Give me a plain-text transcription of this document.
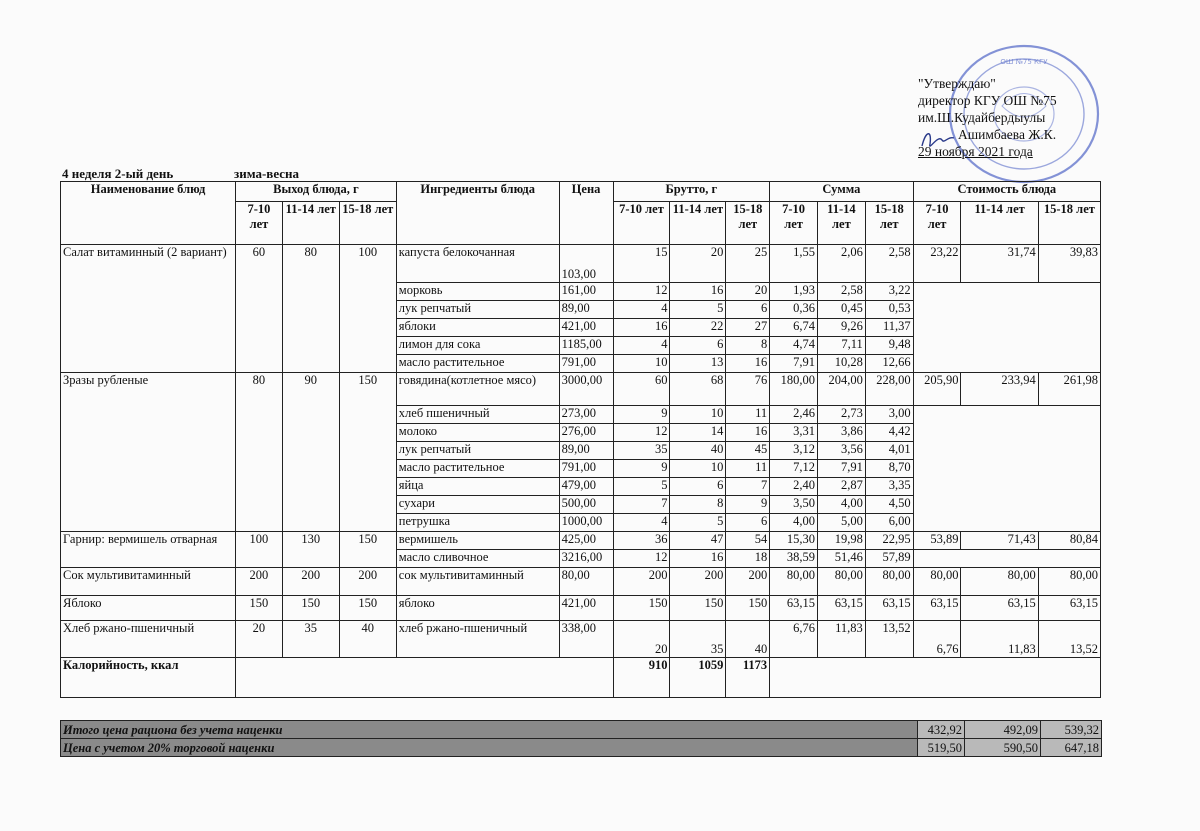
ОШ №75 КГУ
"Утверждаю"
директор КГУ ОШ №75
им.Ш.Кудайбердыулы
Ашимбаева Ж.К.
29 ноября 2021 года
4 неделя 2-ый день	зима-весна
Наименование блюд	Выход блюда, г			Ингредиенты блюда	Цена	Брутто, г			Сумма			Стоимость блюда		
	7-10 лет	11-14 лет	15-18 лет			7-10 лет	11-14 лет	15-18 лет	7-10 лет	11-14 лет	15-18 лет	7-10 лет	11-14 лет	15-18 лет
Салат витаминный (2 вариант)	60	80	100	капуста белокочанная	103,00	15	20	25	1,55	2,06	2,58	23,22	31,74	39,83
				морковь	161,00	12	16	20	1,93	2,58	3,22			
				лук репчатый	89,00	4	5	6	0,36	0,45	0,53			
				яблоки	421,00	16	22	27	6,74	9,26	11,37			
				лимон для сока	1185,00	4	6	8	4,74	7,11	9,48			
				масло растительное	791,00	10	13	16	7,91	10,28	12,66			
Зразы рубленые	80	90	150	говядина(котлетное мясо)	3000,00	60	68	76	180,00	204,00	228,00	205,90	233,94	261,98
				хлеб пшеничный	273,00	9	10	11	2,46	2,73	3,00			
				молоко	276,00	12	14	16	3,31	3,86	4,42			
				лук репчатый	89,00	35	40	45	3,12	3,56	4,01			
				масло растительное	791,00	9	10	11	7,12	7,91	8,70			
				яйца	479,00	5	6	7	2,40	2,87	3,35			
				сухари	500,00	7	8	9	3,50	4,00	4,50			
				петрушка	1000,00	4	5	6	4,00	5,00	6,00			
Гарнир: вермишель отварная	100	130	150	вермишель	425,00	36	47	54	15,30	19,98	22,95	53,89	71,43	80,84
				масло сливочное	3216,00	12	16	18	38,59	51,46	57,89			
Сок мультивитаминный	200	200	200	сок мультивитаминный	80,00	200	200	200	80,00	80,00	80,00	80,00	80,00	80,00
Яблоко	150	150	150	яблоко	421,00	150	150	150	63,15	63,15	63,15	63,15	63,15	63,15
Хлеб ржано-пшеничный	20	35	40	хлеб ржано-пшеничный	338,00	20	35	40	6,76	11,83	13,52	6,76	11,83	13,52
Калорийность, ккал						910	1059	1173						
Итого цена рациона без учета наценки	432,92	492,09	539,32
Цена с учетом 20% торговой наценки	519,50	590,50	647,18
